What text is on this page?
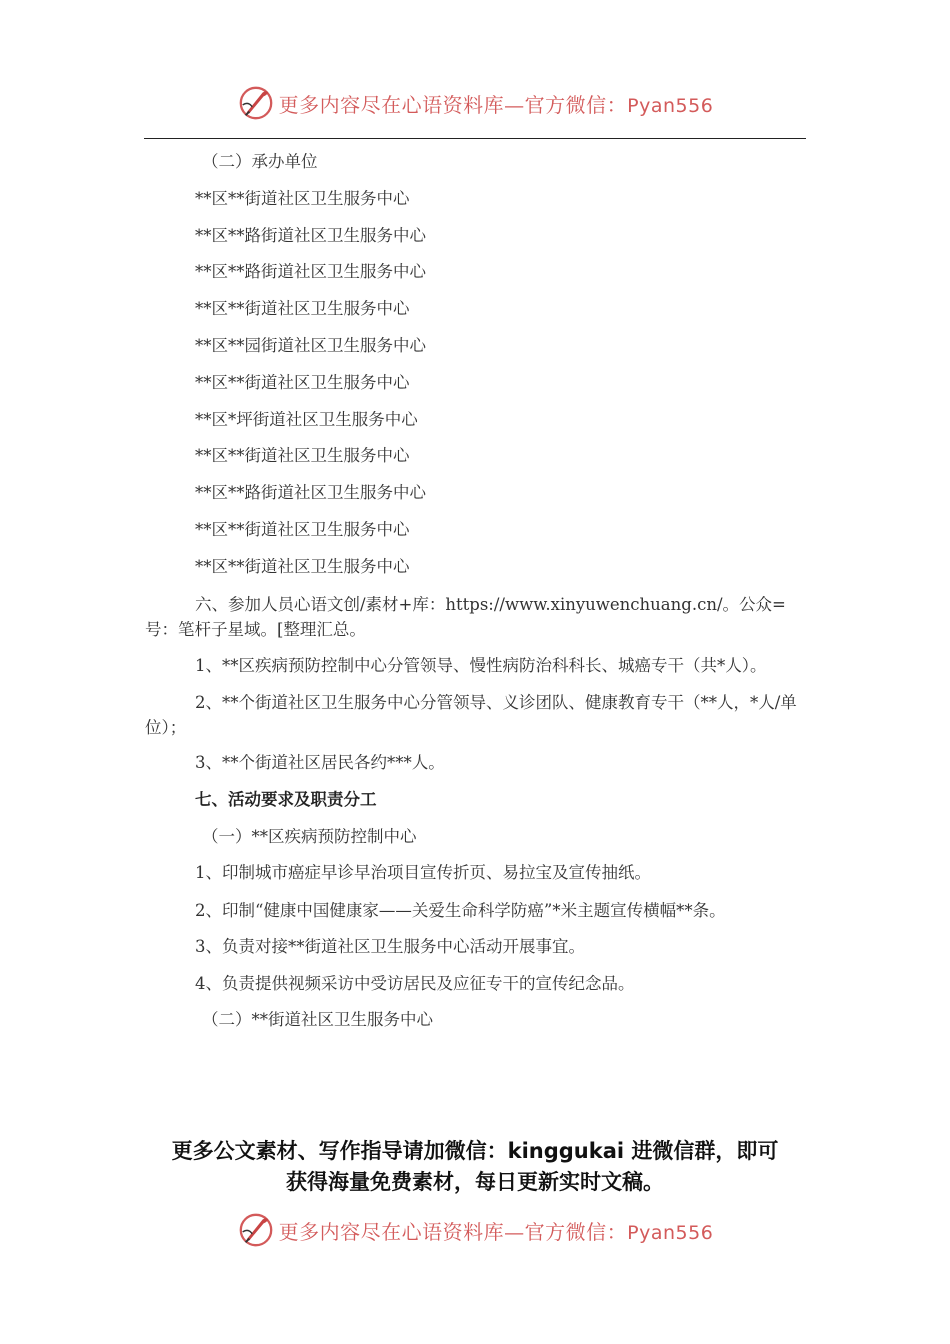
更多内容尽在心语资料库—官方微信：Pyan556

（二）承办单位

**区**街道社区卫生服务中心

**区**路街道社区卫生服务中心

**区**路街道社区卫生服务中心

**区**街道社区卫生服务中心

**区**园街道社区卫生服务中心

**区**街道社区卫生服务中心

**区*坪街道社区卫生服务中心

**区**街道社区卫生服务中心

**区**路街道社区卫生服务中心

**区**街道社区卫生服务中心

**区**街道社区卫生服务中心

六、参加人员心语文创/素材+库：https://www.xinyuwenchuang.cn/。公众=号：笔杆子星域。[整理汇总。

1、**区疾病预防控制中心分管领导、慢性病防治科科长、城癌专干（共*人）。

2、**个街道社区卫生服务中心分管领导、义诊团队、健康教育专干（**人，*人/单位）；

3、**个街道社区居民各约***人。

七、活动要求及职责分工

（一）**区疾病预防控制中心

1、印制城市癌症早诊早治项目宣传折页、易拉宝及宣传抽纸。

2、印制“健康中国健康家——关爱生命科学防癌”*米主题宣传横幅**条。

3、负责对接**街道社区卫生服务中心活动开展事宜。

4、负责提供视频采访中受访居民及应征专干的宣传纪念品。

（二）**街道社区卫生服务中心

更多公文素材、写作指导请加微信：kinggukai 进微信群，即可
获得海量免费素材，每日更新实时文稿。
更多内容尽在心语资料库—官方微信：Pyan556
